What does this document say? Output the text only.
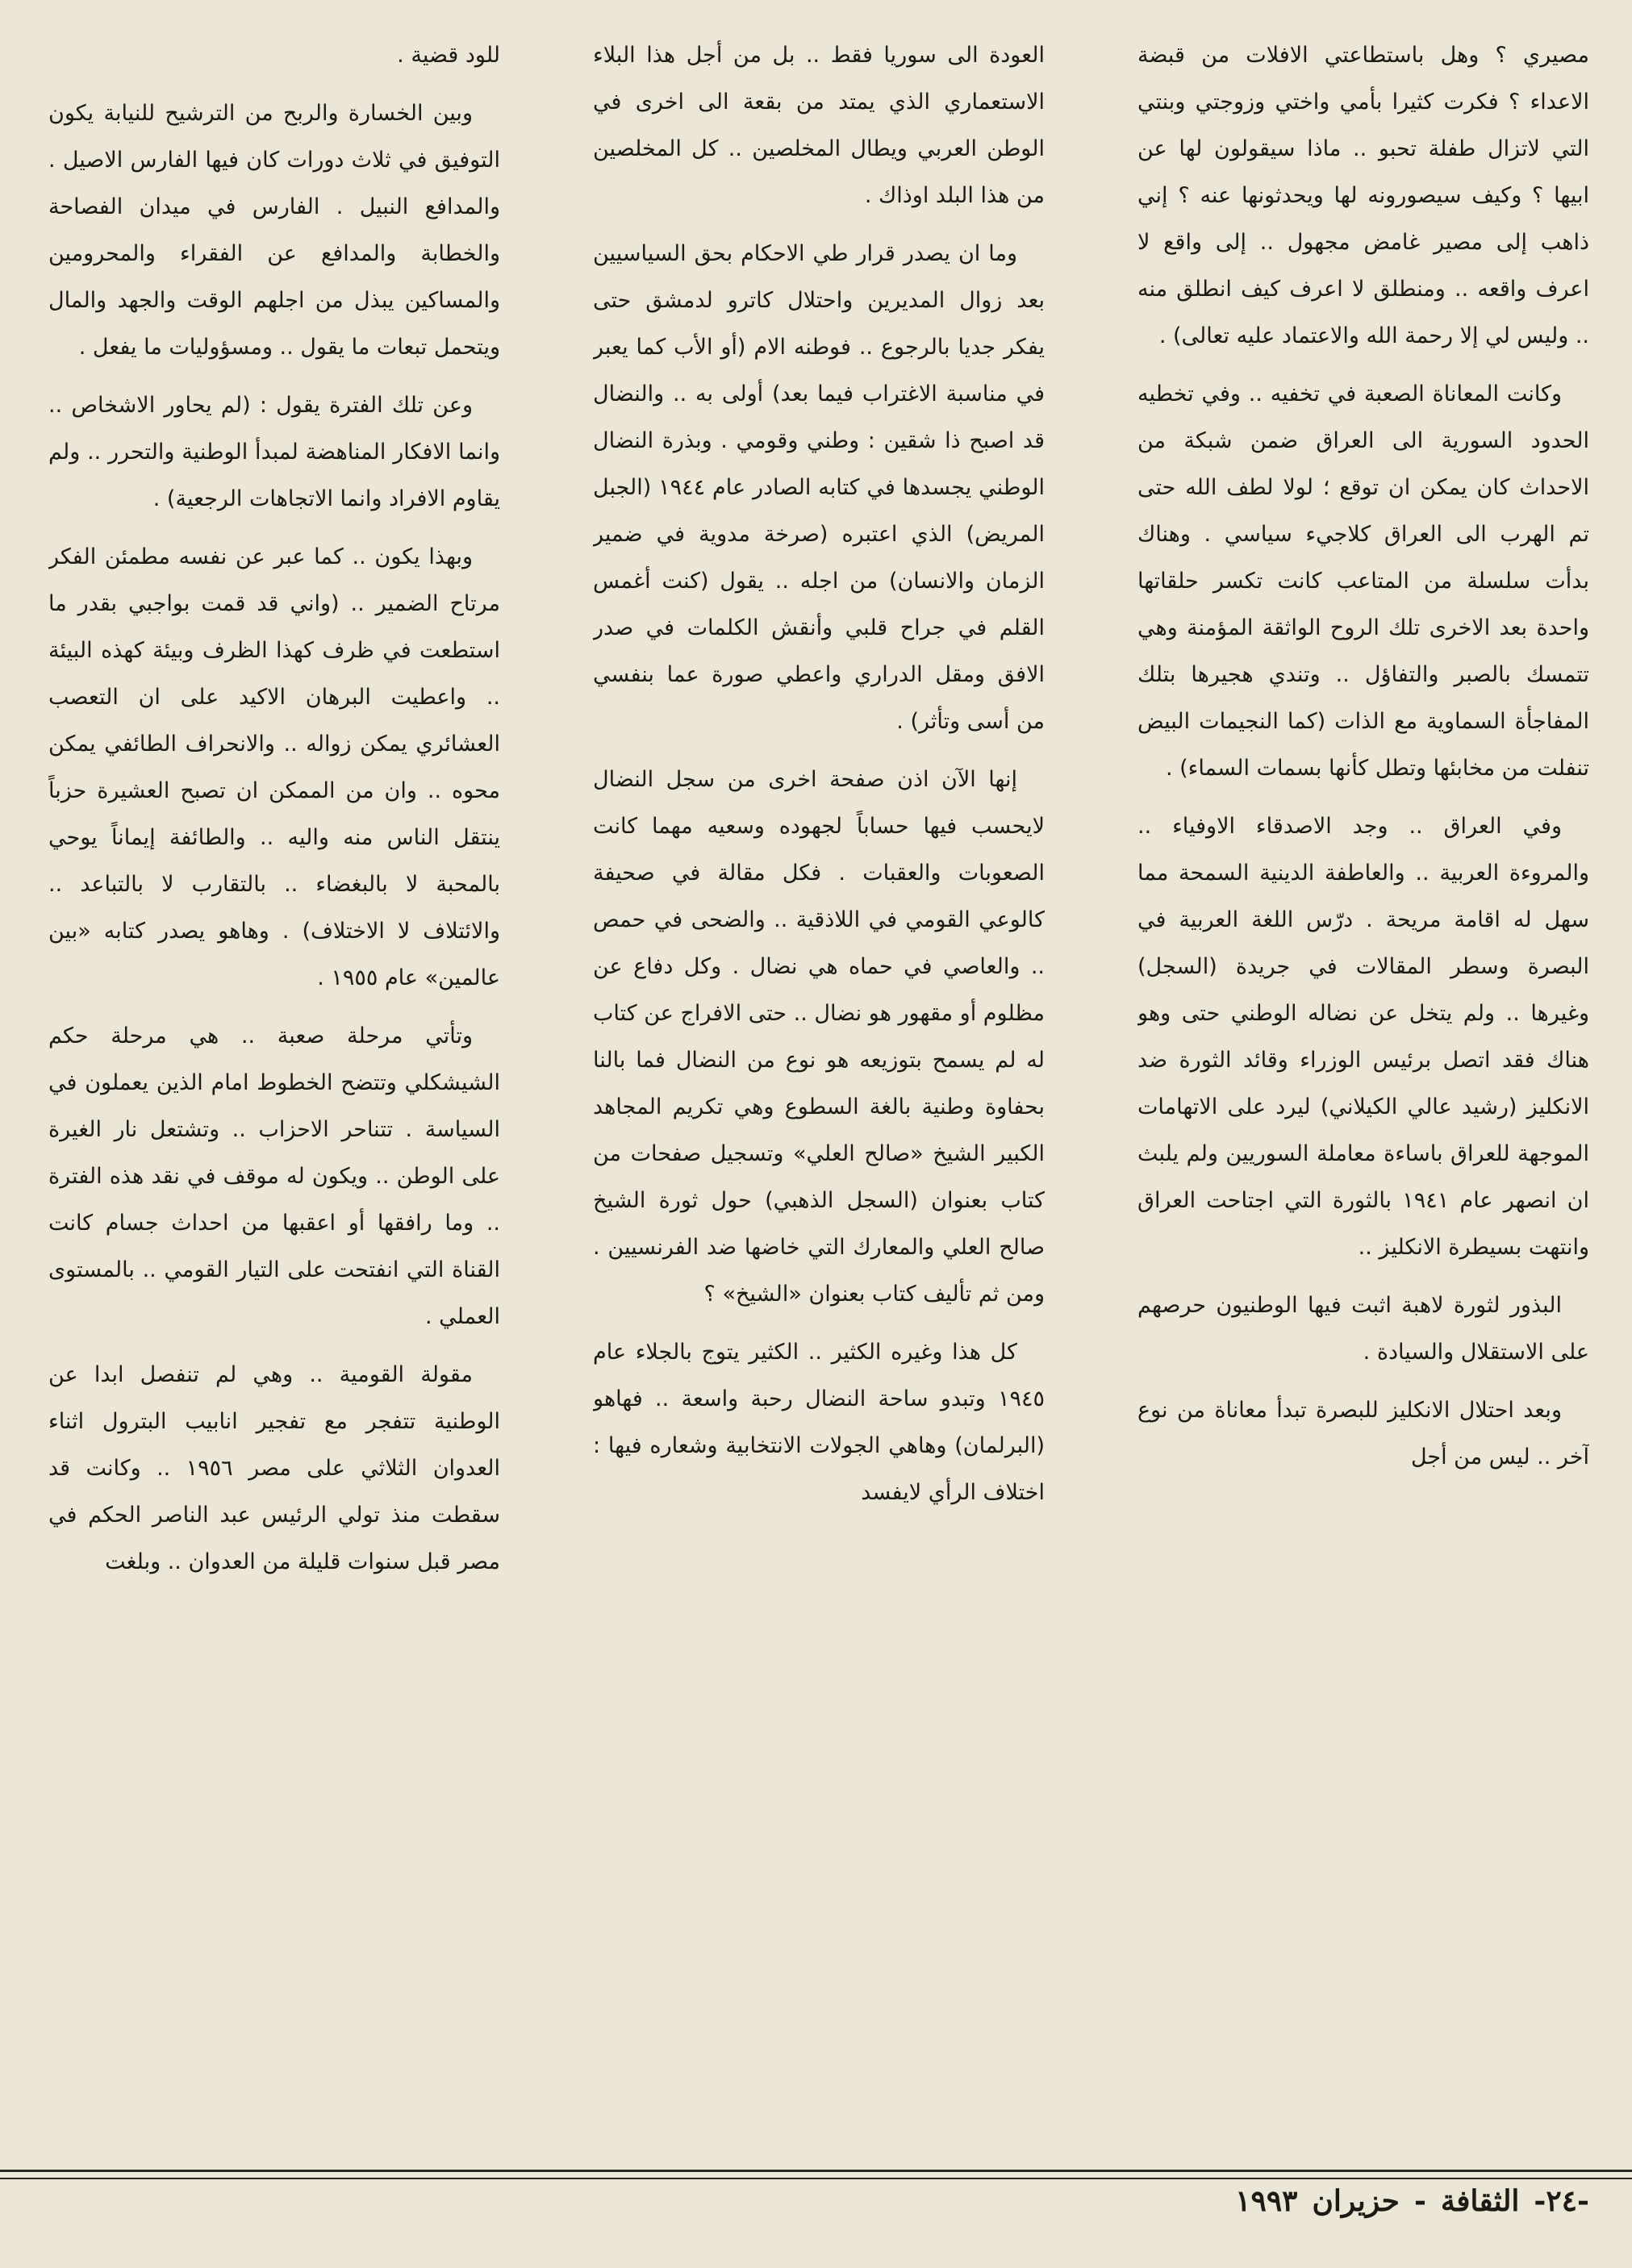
مصيري ؟ وهل باستطاعتي الافلات من قبضة الاعداء ؟ فكرت كثيرا بأمي واختي وزوجتي وبنتي التي لاتزال طفلة تحبو .. ماذا سيقولون لها عن ابيها ؟ وكيف سيصورونه لها ويحدثونها عنه ؟ إني ذاهب إلى مصير غامض مجهول .. إلى واقع لا اعرف واقعه .. ومنطلق لا اعرف كيف انطلق منه .. وليس لي إلا رحمة الله والاعتماد عليه تعالى) .

وكانت المعاناة الصعبة في تخفيه .. وفي تخطيه الحدود السورية الى العراق ضمن شبكة من الاحداث كان يمكن ان توقع ؛ لولا لطف الله حتى تم الهرب الى العراق كلاجيء سياسي . وهناك بدأت سلسلة من المتاعب كانت تكسر حلقاتها واحدة بعد الاخرى تلك الروح الواثقة المؤمنة وهي تتمسك بالصبر والتفاؤل .. وتندي هجيرها بتلك المفاجأة السماوية مع الذات (كما النجيمات البيض تنفلت من مخابئها وتطل كأنها بسمات السماء) .

وفي العراق .. وجد الاصدقاء الاوفياء .. والمروءة العربية .. والعاطفة الدينية السمحة مما سهل له اقامة مريحة . درّس اللغة العربية في البصرة وسطر المقالات في جريدة (السجل) وغيرها .. ولم يتخل عن نضاله الوطني حتى وهو هناك فقد اتصل برئيس الوزراء وقائد الثورة ضد الانكليز (رشيد عالي الكيلاني) ليرد على الاتهامات الموجهة للعراق باساءة معاملة السوريين ولم يلبث ان انصهر عام ١٩٤١ بالثورة التي اجتاحت العراق وانتهت بسيطرة الانكليز ..

البذور لثورة لاهبة اثبت فيها الوطنيون حرصهم على الاستقلال والسيادة .

وبعد احتلال الانكليز للبصرة تبدأ معاناة من نوع آخر .. ليس من أجل

العودة الى سوريا فقط .. بل من أجل هذا البلاء الاستعماري الذي يمتد من بقعة الى اخرى في الوطن العربي ويطال المخلصين .. كل المخلصين من هذا البلد اوذاك .

وما ان يصدر قرار طي الاحكام بحق السياسيين بعد زوال المديرين واحتلال كاترو لدمشق حتى يفكر جديا بالرجوع .. فوطنه الام (أو الأب كما يعبر في مناسبة الاغتراب فيما بعد) أولى به .. والنضال قد اصبح ذا شقين : وطني وقومي . وبذرة النضال الوطني يجسدها في كتابه الصادر عام ١٩٤٤ (الجبل المريض) الذي اعتبره (صرخة مدوية في ضمير الزمان والانسان) من اجله .. يقول (كنت أغمس القلم في جراح قلبي وأنقش الكلمات في صدر الافق ومقل الدراري واعطي صورة عما بنفسي من أسى وتأثر) .

إنها الآن اذن صفحة اخرى من سجل النضال لايحسب فيها حساباً لجهوده وسعيه مهما كانت الصعوبات والعقبات . فكل مقالة في صحيفة كالوعي القومي في اللاذقية .. والضحى في حمص .. والعاصي في حماه هي نضال . وكل دفاع عن مظلوم أو مقهور هو نضال .. حتى الافراج عن كتاب له لم يسمح بتوزيعه هو نوع من النضال فما بالنا بحفاوة وطنية بالغة السطوع وهي تكريم المجاهد الكبير الشيخ «صالح العلي» وتسجيل صفحات من كتاب بعنوان (السجل الذهبي) حول ثورة الشيخ صالح العلي والمعارك التي خاضها ضد الفرنسيين . ومن ثم تأليف كتاب بعنوان «الشيخ» ؟

كل هذا وغيره الكثير .. الكثير يتوج بالجلاء عام ١٩٤٥ وتبدو ساحة النضال رحبة واسعة .. فهاهو (البرلمان) وهاهي الجولات الانتخابية وشعاره فيها : اختلاف الرأي لايفسد

للود قضية .

وبين الخسارة والربح من الترشيح للنيابة يكون التوفيق في ثلاث دورات كان فيها الفارس الاصيل . والمدافع النبيل . الفارس في ميدان الفصاحة والخطابة والمدافع عن الفقراء والمحرومين والمساكين يبذل من اجلهم الوقت والجهد والمال ويتحمل تبعات ما يقول .. ومسؤوليات ما يفعل .

وعن تلك الفترة يقول : (لم يحاور الاشخاص .. وانما الافكار المناهضة لمبدأ الوطنية والتحرر .. ولم يقاوم الافراد وانما الاتجاهات الرجعية) .

وبهذا يكون .. كما عبر عن نفسه مطمئن الفكر مرتاح الضمير .. (واني قد قمت بواجبي بقدر ما استطعت في ظرف كهذا الظرف وبيئة كهذه البيئة .. واعطيت البرهان الاكيد على ان التعصب العشائري يمكن زواله .. والانحراف الطائفي يمكن محوه .. وان من الممكن ان تصبح العشيرة حزباً ينتقل الناس منه واليه .. والطائفة إيماناً يوحي بالمحبة لا بالبغضاء .. بالتقارب لا بالتباعد .. والائتلاف لا الاختلاف) . وهاهو يصدر كتابه «بين عالمين» عام ١٩٥٥ .

وتأتي مرحلة صعبة .. هي مرحلة حكم الشيشكلي وتتضح الخطوط امام الذين يعملون في السياسة . تتناحر الاحزاب .. وتشتعل نار الغيرة على الوطن .. ويكون له موقف في نقد هذه الفترة .. وما رافقها أو اعقبها من احداث جسام كانت القناة التي انفتحت على التيار القومي .. بالمستوى العملي .

مقولة القومية .. وهي لم تنفصل ابدا عن الوطنية تتفجر مع تفجير انابيب البترول اثناء العدوان الثلاثي على مصر ١٩٥٦ .. وكانت قد سقطت منذ تولي الرئيس عبد الناصر الحكم في مصر قبل سنوات قليلة من العدوان .. وبلغت

-٢٤-
الثقافة
-
حزيران
١٩٩٣
